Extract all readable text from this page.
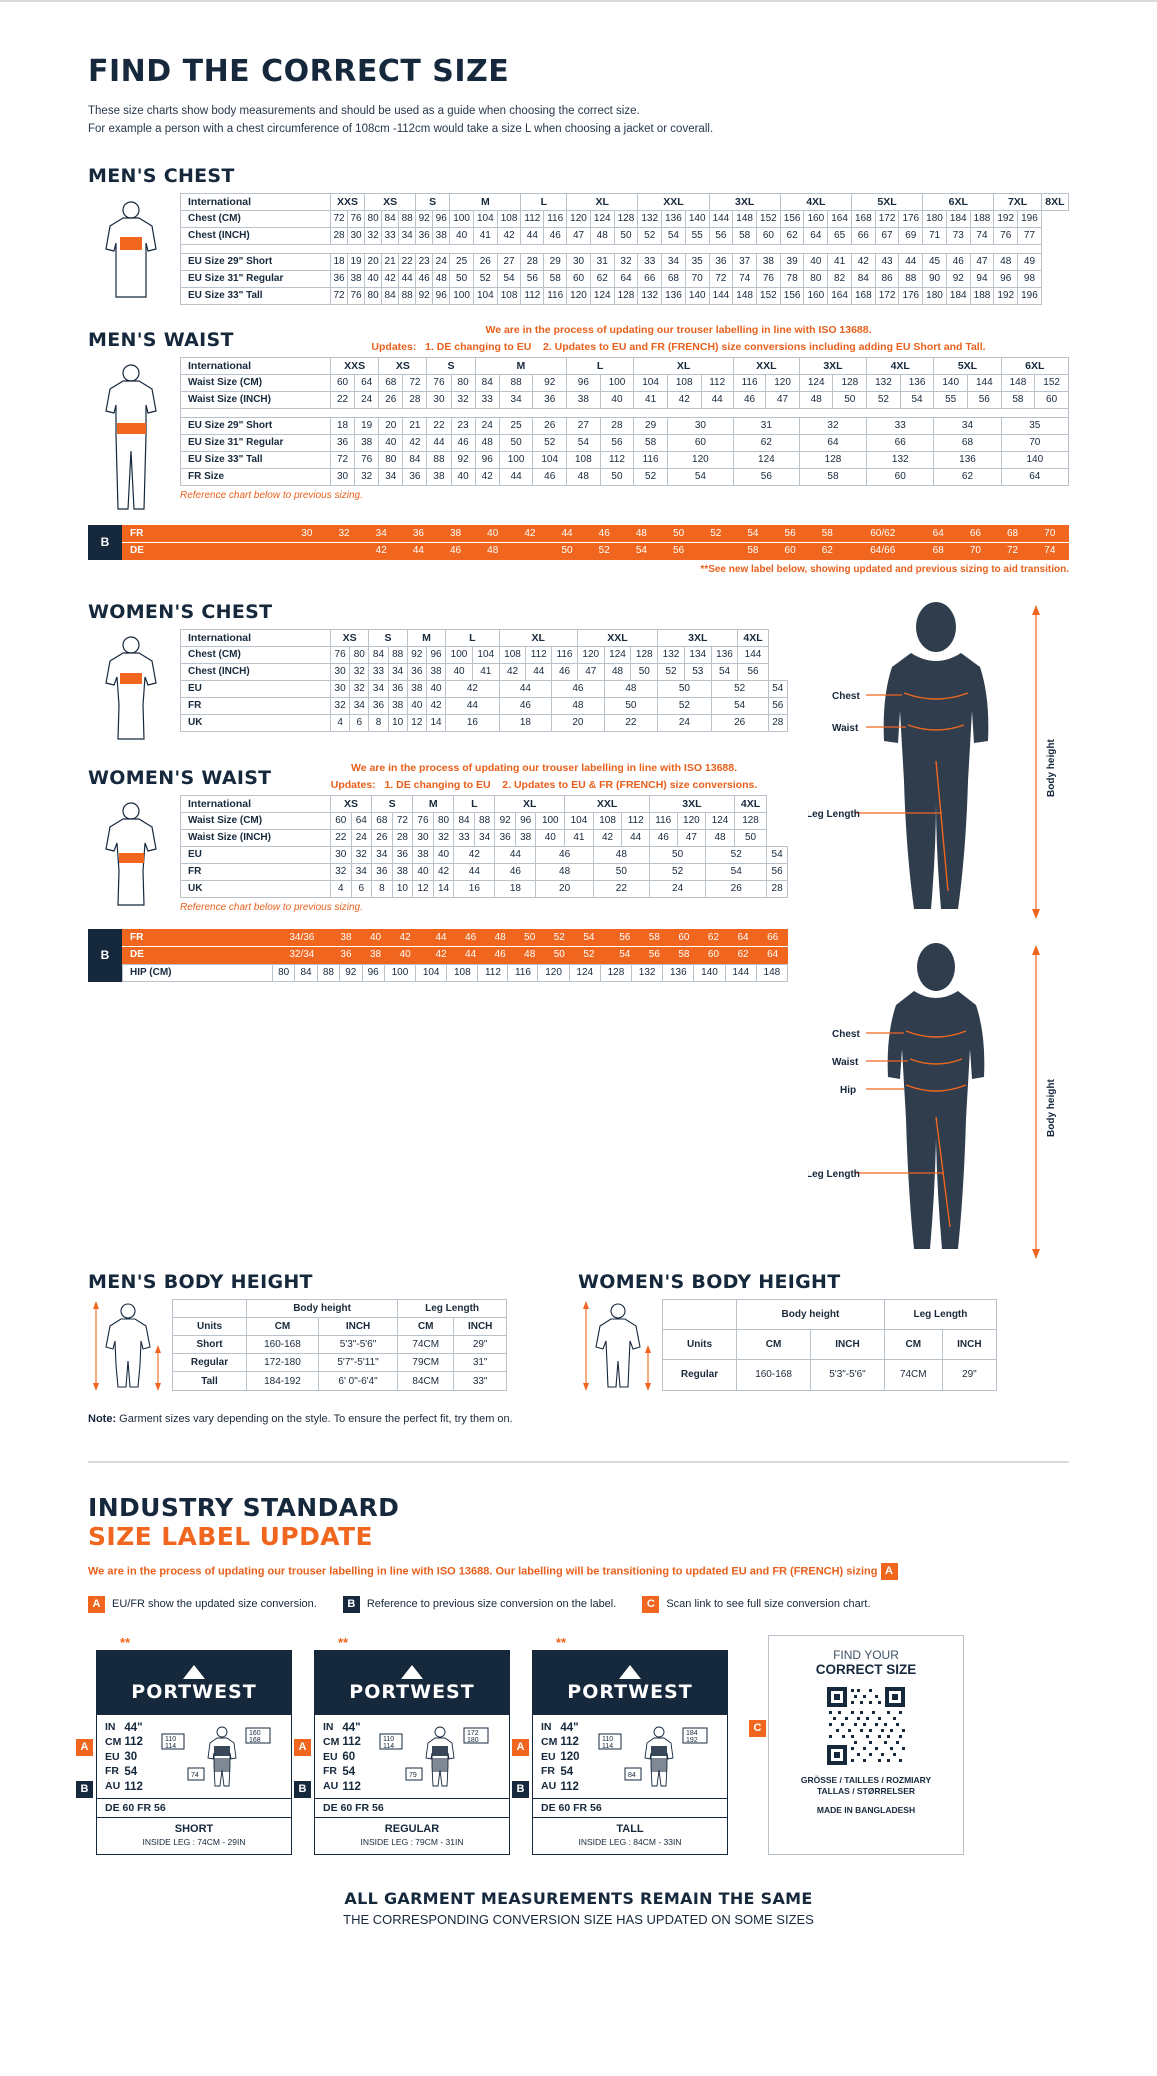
FIND THE CORRECT SIZE
These size charts show body measurements and should be used as a guide when choosing the correct size.
For example a person with a chest circumference of 108cm -112cm would take a size L when choosing a jacket or coverall.
MEN'S CHEST
International	XXS		XS			S		M			L		XL			XXL			3XL			4XL			5XL			6XL			7XL		8XL
Chest (CM)	72	76	80	84	88	92	96	100	104	108	112	116	120	124	128	132	136	140	144	148	152	156	160	164	168	172	176	180	184	188	192	196	
Chest (INCH)	28	30	32	33	34	36	38	40	41	42	44	46	47	48	50	52	54	55	56	58	60	62	64	65	66	67	69	71	73	74	76	77	

EU Size 29" Short	18	19	20	21	22	23	24	25	26	27	28	29	30	31	32	33	34	35	36	37	38	39	40	41	42	43	44	45	46	47	48	49	
EU Size 31" Regular	36	38	40	42	44	46	48	50	52	54	56	58	60	62	64	66	68	70	72	74	76	78	80	82	84	86	88	90	92	94	96	98	
EU Size 33" Tall	72	76	80	84	88	92	96	100	104	108	112	116	120	124	128	132	136	140	144	148	152	156	160	164	168	172	176	180	184	188	192	196	
MEN'S WAIST	We are in the process of updating our trouser labelling in line with ISO 13688.
Updates: 1. DE changing to EU 2. Updates to EU and FR (FRENCH) size conversions including adding EU Short and Tall.
International	XXS		XS		S		M			L		XL			XXL		3XL		4XL		5XL		6XL	
Waist Size (CM)	60	64	68	72	76	80	84	88	92	96	100	104	108	112	116	120	124	128	132	136	140	144	148	152
Waist Size (INCH)	22	24	26	28	30	32	33	34	36	38	40	41	42	44	46	47	48	50	52	54	55	56	58	60

EU Size 29" Short	18	19	20	21	22	23	24	25	26	27	28	29	30		31		32		33		34		35	
EU Size 31" Regular	36	38	40	42	44	46	48	50	52	54	56	58	60		62		64		66		68		70	
EU Size 33" Tall	72	76	80	84	88	92	96	100	104	108	112	116	120		124		128		132		136		140	
FR Size	30	32	34	36	38	40	42	44	46	48	50	52	54		56		58		60		62		64	
Reference chart below to previous sizing.
B
FR			30	32	34	36	38	40	42	44	46	48	50	52	54	56	58	60/62	64	66	68	70
DE					42	44	46	48		50	52	54	56		58	60	62	64/66	68	70	72	74
**See new label below, showing updated and previous sizing to aid transition.
WOMEN'S CHEST
International	XS		S		M		L		XL			XXL			3XL			4XL	
Chest (CM)	76	80	84	88	92	96	100	104	108	112	116	120	124	128	132	134	136	144	
Chest (INCH)	30	32	33	34	36	38	40	41	42	44	46	47	48	50	52	53	54	56	
EU	30	32	34	36	38	40	42		44		46		48		50		52		54
FR	32	34	36	38	40	42	44		46		48		50		52		54		56
UK	4	6	8	10	12	14	16		18		20		22		24		26		28
WOMEN'S WAIST	We are in the process of updating our trouser labelling in line with ISO 13688.
Updates: 1. DE changing to EU 2. Updates to EU & FR (FRENCH) size conversions.
International	XS		S		M		L		XL			XXL			3XL			4XL	
Waist Size (CM)	60	64	68	72	76	80	84	88	92	96	100	104	108	112	116	120	124	128	
Waist Size (INCH)	22	24	26	28	30	32	33	34	36	38	40	41	42	44	46	47	48	50	
EU	30	32	34	36	38	40	42		44		46		48		50		52		54
FR	32	34	36	38	40	42	44		46		48		50		52		54		56
UK	4	6	8	10	12	14	16		18		20		22		24		26		28
Reference chart below to previous sizing.
B
FR	34/36	38	40	42		44	46	48	50	52	54		56	58	60	62	64	66
DE	32/34	36	38	40		42	44	46	48	50	52		54	56	58	60	62	64
HIP (CM)	80	84	88	92	96	100	104	108	112	116	120	124	128	132	136	140	144	148
Chest
Waist
Leg Length
Body height
Chest
Waist
Hip
Leg Length
Body height
MEN'S BODY HEIGHT
	Body height		Leg Length	
Units	CM	INCH	CM	INCH
Short	160-168	5'3"-5'6"	74CM	29"
Regular	172-180	5'7"-5'11"	79CM	31"
Tall	184-192	6' 0"-6'4"	84CM	33"
WOMEN'S BODY HEIGHT
	Body height		Leg Length	
Units	CM	INCH	CM	INCH
Regular	160-168	5'3"-5'6"	74CM	29"
Note: Garment sizes vary depending on the style. To ensure the perfect fit, try them on.
INDUSTRY STANDARD
SIZE LABEL UPDATE
We are in the process of updating our trouser labelling in line with ISO 13688. Our labelling will be transitioning to updated EU and FR (FRENCH) sizing A
A	EU/FR show the updated size conversion.	B	Reference to previous size conversion on the label.	C	Scan link to see full size conversion chart.
**
A
B
PORTWEST
IN	44"
CM	112
EU	30
FR	54
AU	112
110
114
160
168
74
DE 60 FR 56
SHORT
INSIDE LEG : 74CM - 29IN
**
A
B
PORTWEST
IN	44"
CM	112
EU	60
FR	54
AU	112
110
114
172
180
79
DE 60 FR 56
REGULAR
INSIDE LEG : 79CM - 31IN
**
A
B
PORTWEST
IN	44"
CM	112
EU	120
FR	54
AU	112
110
114
184
192
84
DE 60 FR 56
TALL
INSIDE LEG : 84CM - 33IN
C
FIND YOUR
CORRECT SIZE
GRÖSSE / TAILLES / ROZMIARY
TALLAS / STØRRELSER
MADE IN BANGLADESH
ALL GARMENT MEASUREMENTS REMAIN THE SAME
THE CORRESPONDING CONVERSION SIZE HAS UPDATED ON SOME SIZES
